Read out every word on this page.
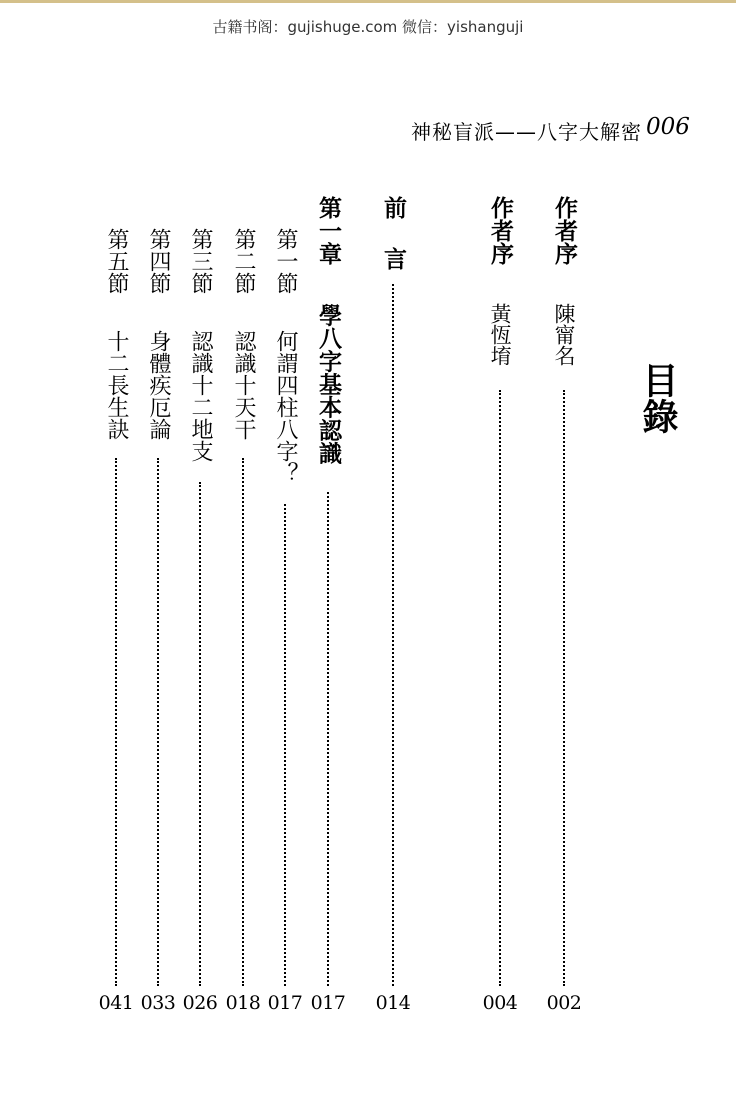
古籍书阁：gujishuge.com 微信：yishanguji
神秘盲派——八字大解密 006
目錄
作者序  陳甯名
002
作者序  黃恆堉
004
前言
014
第一章  學八字基本認識
017
第一節  何謂四柱八字？
017
第二節  認識十天干
018
第三節  認識十二地支
026
第四節  身體疾厄論
033
第五節  十二長生訣
041
